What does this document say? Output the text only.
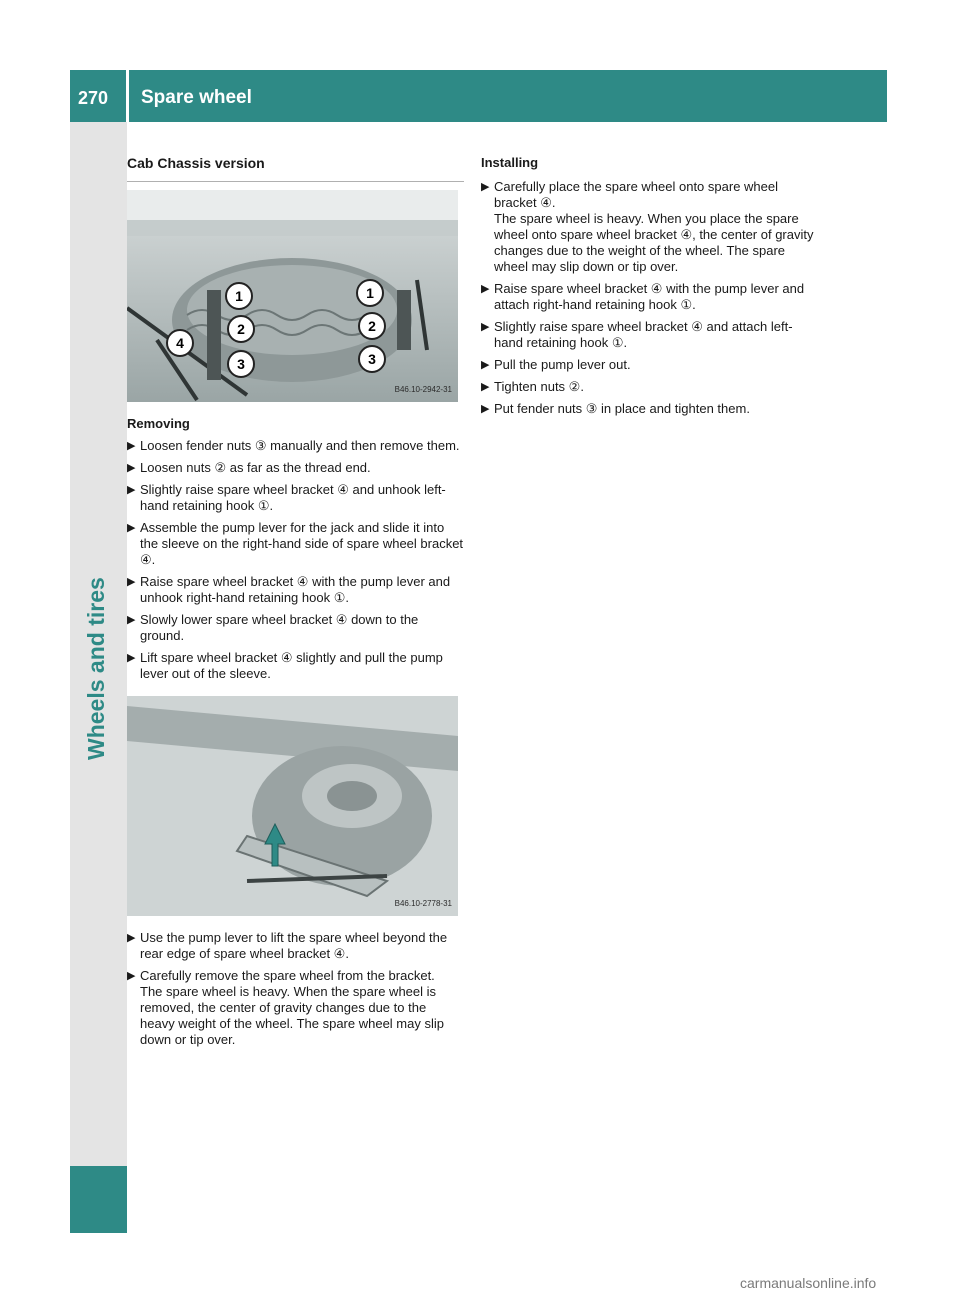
270 Spare wheel
Cab Chassis version
1
2
3
4
1
2
3
B46.10-2942-31
Removing
▶ Loosen fender nuts ③ manually and then remove them.
▶ Loosen nuts ② as far as the thread end.
▶ Slightly raise spare wheel bracket ④ and unhook left-hand retaining hook ①.
▶ Assemble the pump lever for the jack and slide it into the sleeve on the right-hand side of spare wheel bracket ④.
▶ Raise spare wheel bracket ④ with the pump lever and unhook right-hand retaining hook ①.
▶ Slowly lower spare wheel bracket ④ down to the ground.
▶ Lift spare wheel bracket ④ slightly and pull the pump lever out of the sleeve.
B46.10-2778-31
▶ Use the pump lever to lift the spare wheel beyond the rear edge of spare wheel bracket ④.
▶ Carefully remove the spare wheel from the bracket.
The spare wheel is heavy. When the spare wheel is removed, the center of gravity changes due to the heavy weight of the wheel. The spare wheel may slip down or tip over.
Installing
▶ Carefully place the spare wheel onto spare wheel bracket ④.
The spare wheel is heavy. When you place the spare wheel onto spare wheel bracket ④, the center of gravity changes due to the weight of the wheel. The spare wheel may slip down or tip over.
▶ Raise spare wheel bracket ④ with the pump lever and attach right-hand retaining hook ①.
▶ Slightly raise spare wheel bracket ④ and attach left-hand retaining hook ①.
▶ Pull the pump lever out.
▶ Tighten nuts ②.
▶ Put fender nuts ③ in place and tighten them.
carmanualsonline.info
